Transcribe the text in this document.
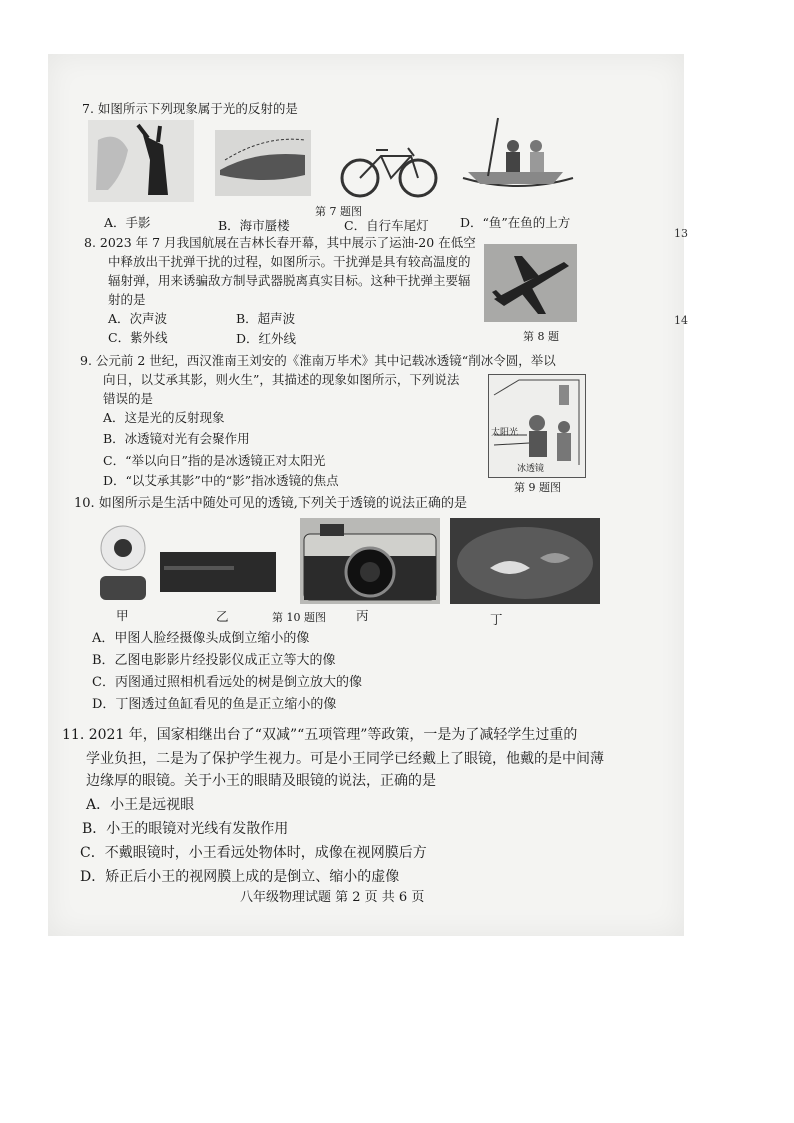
7. 如图所示下列现象属于光的反射的是
第 7 题图
A．手影	B．海市蜃楼	C．自行车尾灯	D．“鱼”在鱼的上方
8. 2023 年 7 月我国航展在吉林长春开幕，其中展示了运油-20 在低空
中释放出干扰弹干扰的过程，如图所示。干扰弹是具有较高温度的
辐射弹，用来诱骗敌方制导武器脱离真实目标。这种干扰弹主要辐
射的是
A．次声波	B．超声波
C．紫外线	D．红外线	第 8 题
9. 公元前 2 世纪，西汉淮南王刘安的《淮南万毕术》其中记载冰透镜“削冰令圆，举以
向日，以艾承其影，则火生”，其描述的现象如图所示，下列说法
错误的是
太阳光
冰透镜
A．这是光的反射现象
B．冰透镜对光有会聚作用
C．“举以向日”指的是冰透镜正对太阳光
D．“以艾承其影”中的“影”指冰透镜的焦点	第 9 题图
10. 如图所示是生活中随处可见的透镜,下列关于透镜的说法正确的是
甲	乙	第 10 题图 丙	丁
A．甲图人脸经摄像头成倒立缩小的像
B．乙图电影影片经投影仪成正立等大的像
C．丙图通过照相机看远处的树是倒立放大的像
D．丁图透过鱼缸看见的鱼是正立缩小的像
11. 2021 年，国家相继出台了“双减”“五项管理”等政策，一是为了减轻学生过重的
学业负担，二是为了保护学生视力。可是小王同学已经戴上了眼镜，他戴的是中间薄
边缘厚的眼镜。关于小王的眼睛及眼镜的说法，正确的是
A．小王是远视眼
B．小王的眼镜对光线有发散作用
C．不戴眼镜时，小王看远处物体时，成像在视网膜后方
D．矫正后小王的视网膜上成的是倒立、缩小的虚像
八年级物理试题 第 2 页 共 6 页
13
14
